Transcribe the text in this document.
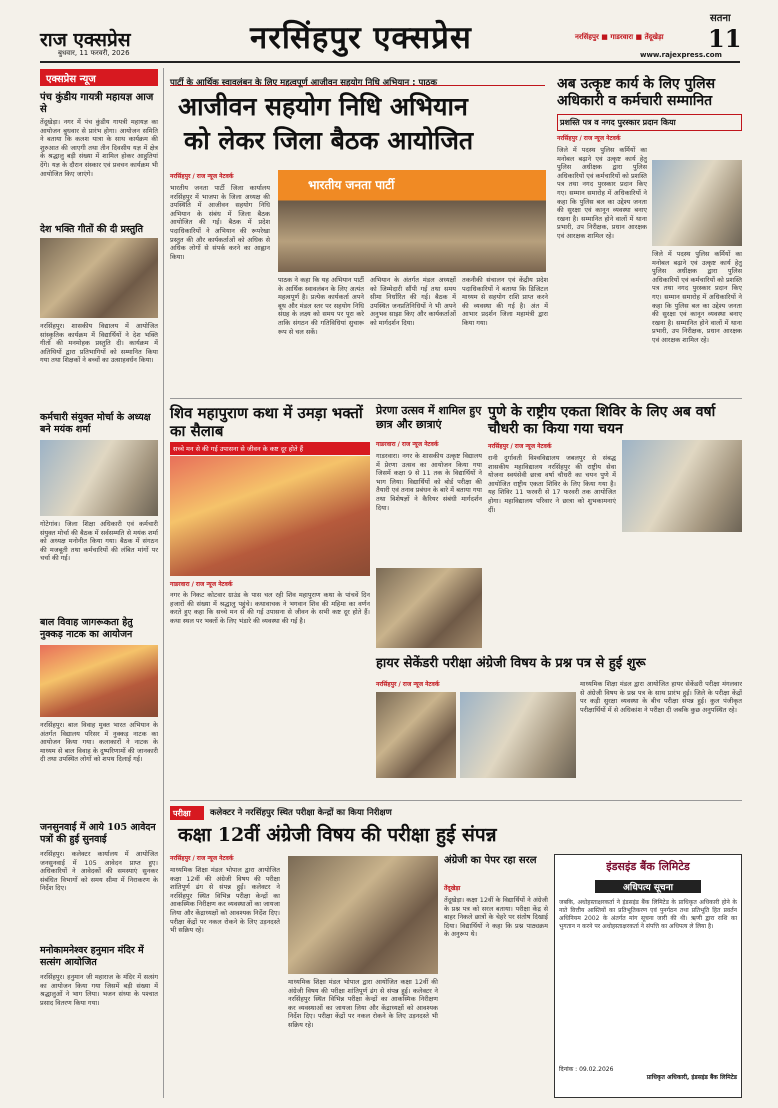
राज एक्सप्रेस
बुधवार, 11 फरवरी, 2026	नरसिंहपुर एक्सप्रेस
सतना
11
नरसिंहपुर ■ गाडरवारा ■ तेंदूखेड़ा
www.rajexpress.com
एक्सप्रेस न्यूज
पंच कुंडीय गायत्री महायज्ञ आज से
तेंदूखेड़ा। नगर में पंच कुंडीय गायत्री महायज्ञ का आयोजन बुधवार से प्रारंभ होगा। आयोजन समिति ने बताया कि कलश यात्रा के साथ कार्यक्रम की शुरुआत की जाएगी तथा तीन दिवसीय यज्ञ में क्षेत्र के श्रद्धालु बड़ी संख्या में शामिल होकर आहुतियां देंगे। यज्ञ के दौरान संस्कार एवं प्रवचन कार्यक्रम भी आयोजित किए जाएंगे।
देश भक्ति गीतों की दी प्रस्तुति
नरसिंहपुर। शासकीय विद्यालय में आयोजित सांस्कृतिक कार्यक्रम में विद्यार्थियों ने देश भक्ति गीतों की मनमोहक प्रस्तुति दी। कार्यक्रम में अतिथियों द्वारा प्रतिभागियों को सम्मानित किया गया तथा शिक्षकों ने बच्चों का उत्साहवर्धन किया।
कर्मचारी संयुक्त मोर्चा के अध्यक्ष बने मयंक शर्मा
गोटेगांव। जिला शिक्षा अधिकारी एवं कर्मचारी संयुक्त मोर्चा की बैठक में सर्वसम्मति से मयंक शर्मा को अध्यक्ष मनोनीत किया गया। बैठक में संगठन की मजबूती तथा कर्मचारियों की लंबित मांगों पर चर्चा की गई।
बाल विवाह जागरूकता हेतु नुक्कड़ नाटक का आयोजन
नरसिंहपुर। बाल विवाह मुक्त भारत अभियान के अंतर्गत विद्यालय परिसर में नुक्कड़ नाटक का आयोजन किया गया। कलाकारों ने नाटक के माध्यम से बाल विवाह के दुष्परिणामों की जानकारी दी तथा उपस्थित लोगों को शपथ दिलाई गई।
जनसुनवाई में आये 105 आवेदन पत्रों की हुई सुनवाई
नरसिंहपुर। कलेक्टर कार्यालय में आयोजित जनसुनवाई में 105 आवेदन प्राप्त हुए। अधिकारियों ने आवेदकों की समस्याएं सुनकर संबंधित विभागों को समय सीमा में निराकरण के निर्देश दिए।
मनोकामनेश्वर हनुमान मंदिर में सत्संग आयोजित
नरसिंहपुर। हनुमान जी महाराज के मंदिर में सत्संग का आयोजन किया गया जिसमें बड़ी संख्या में श्रद्धालुओं ने भाग लिया। भजन संध्या के पश्चात प्रसाद वितरण किया गया।
पार्टी के आर्थिक स्वावलंबन के लिए महत्वपूर्ण आजीवन सहयोग निधि अभियान : पाठक
आजीवन सहयोग निधि अभियान
को लेकर जिला बैठक आयोजित
नरसिंहपुर / राज न्यूज नेटवर्क
भारतीय जनता पार्टी जिला कार्यालय नरसिंहपुर में भाजपा के जिला अध्यक्ष की उपस्थिति में आजीवन सहयोग निधि अभियान के संबंध में जिला बैठक आयोजित की गई। बैठक में प्रदेश पदाधिकारियों ने अभियान की रूपरेखा प्रस्तुत की और कार्यकर्ताओं को अधिक से अधिक लोगों से संपर्क करने का आह्वान किया।
भारतीय जनता पार्टी
पाठक ने कहा कि यह अभियान पार्टी के आर्थिक स्वावलंबन के लिए अत्यंत महत्वपूर्ण है। प्रत्येक कार्यकर्ता अपने बूथ और मंडल स्तर पर सहयोग निधि संग्रह के लक्ष्य को समय पर पूरा करे ताकि संगठन की गतिविधियां सुचारू रूप से चल सकें।
अभियान के अंतर्गत मंडल अध्यक्षों को जिम्मेदारी सौंपी गई तथा समय सीमा निर्धारित की गई। बैठक में उपस्थित जनप्रतिनिधियों ने भी अपने अनुभव साझा किए और कार्यकर्ताओं को मार्गदर्शन दिया।
तकनीकी संचालन एवं केंद्रीय प्रदेश पदाधिकारियों ने बताया कि डिजिटल माध्यम से सहयोग राशि प्राप्त करने की व्यवस्था की गई है। अंत में आभार प्रदर्शन जिला महामंत्री द्वारा किया गया।
अब उत्कृष्ट कार्य के लिए पुलिस अधिकारी व कर्मचारी सम्मानित
प्रशस्ति पत्र व नगद पुरस्कार प्रदान किया
नरसिंहपुर / राज न्यूज नेटवर्क
जिले में पदस्थ पुलिस कर्मियों का मनोबल बढ़ाने एवं उत्कृष्ट कार्य हेतु पुलिस अधीक्षक द्वारा पुलिस अधिकारियों एवं कर्मचारियों को प्रशस्ति पत्र तथा नगद पुरस्कार प्रदान किए गए। सम्मान समारोह में अधिकारियों ने कहा कि पुलिस बल का उद्देश्य जनता की सुरक्षा एवं कानून व्यवस्था बनाए रखना है। सम्मानित होने वालों में थाना प्रभारी, उप निरीक्षक, प्रधान आरक्षक एवं आरक्षक शामिल रहे।
जिले में पदस्थ पुलिस कर्मियों का मनोबल बढ़ाने एवं उत्कृष्ट कार्य हेतु पुलिस अधीक्षक द्वारा पुलिस अधिकारियों एवं कर्मचारियों को प्रशस्ति पत्र तथा नगद पुरस्कार प्रदान किए गए। सम्मान समारोह में अधिकारियों ने कहा कि पुलिस बल का उद्देश्य जनता की सुरक्षा एवं कानून व्यवस्था बनाए रखना है। सम्मानित होने वालों में थाना प्रभारी, उप निरीक्षक, प्रधान आरक्षक एवं आरक्षक शामिल रहे।
शिव महापुराण कथा में उमड़ा भक्तों का सैलाब
सच्चे मन से की गई उपासना से जीवन के कष्ट दूर होते हैं
गाडरवारा / राज न्यूज नेटवर्क
नगर के निकट कोटवार ग्राउंड के पास चल रही शिव महापुराण कथा के पांचवें दिन हजारों की संख्या में श्रद्धालु पहुंचे। कथावाचक ने भगवान शिव की महिमा का वर्णन करते हुए कहा कि सच्चे मन से की गई उपासना से जीवन के सभी कष्ट दूर होते हैं। कथा स्थल पर भक्तों के लिए भंडारे की व्यवस्था की गई है।
प्रेरणा उत्सव में शामिल हुए छात्र और छात्राएं
गाडरवारा / राज न्यूज नेटवर्क
गाडरवारा। नगर के शासकीय उत्कृष्ट विद्यालय में प्रेरणा उत्सव का आयोजन किया गया जिसमें कक्षा 9 से 11 तक के विद्यार्थियों ने भाग लिया। विद्यार्थियों को बोर्ड परीक्षा की तैयारी एवं तनाव प्रबंधन के बारे में बताया गया तथा विशेषज्ञों ने कैरियर संबंधी मार्गदर्शन दिया।
पुणे के राष्ट्रीय एकता शिविर के लिए अब वर्षा चौधरी का किया गया चयन
नरसिंहपुर / राज न्यूज नेटवर्क
रानी दुर्गावती विश्वविद्यालय जबलपुर से संबद्ध शासकीय महाविद्यालय नरसिंहपुर की राष्ट्रीय सेवा योजना स्वयंसेवी छात्रा वर्षा चौधरी का चयन पुणे में आयोजित राष्ट्रीय एकता शिविर के लिए किया गया है। यह शिविर 11 फरवरी से 17 फरवरी तक आयोजित होगा। महाविद्यालय परिवार ने छात्रा को शुभकामनाएं दीं।
हायर सेकेंडरी परीक्षा अंग्रेजी विषय के प्रश्न पत्र से हुई शुरू
नरसिंहपुर / राज न्यूज नेटवर्क	माध्यमिक शिक्षा मंडल द्वारा आयोजित हायर सेकेंडरी परीक्षा मंगलवार से अंग्रेजी विषय के प्रश्न पत्र के साथ प्रारंभ हुई। जिले के परीक्षा केंद्रों पर कड़ी सुरक्षा व्यवस्था के बीच परीक्षा संपन्न हुई। कुल पंजीकृत परीक्षार्थियों में से अधिकांश ने परीक्षा दी जबकि कुछ अनुपस्थित रहे।
परीक्षा	कलेक्टर ने नरसिंहपुर स्थित परीक्षा केन्द्रों का किया निरीक्षण
कक्षा 12वीं अंग्रेजी विषय की परीक्षा हुई संपन्न
नरसिंहपुर / राज न्यूज नेटवर्क
माध्यमिक शिक्षा मंडल भोपाल द्वारा आयोजित कक्षा 12वीं की अंग्रेजी विषय की परीक्षा शांतिपूर्ण ढंग से संपन्न हुई। कलेक्टर ने नरसिंहपुर स्थित विभिन्न परीक्षा केन्द्रों का आकस्मिक निरीक्षण कर व्यवस्थाओं का जायजा लिया और केंद्राध्यक्षों को आवश्यक निर्देश दिए। परीक्षा केंद्रों पर नकल रोकने के लिए उड़नदस्ते भी सक्रिय रहे।
माध्यमिक शिक्षा मंडल भोपाल द्वारा आयोजित कक्षा 12वीं की अंग्रेजी विषय की परीक्षा शांतिपूर्ण ढंग से संपन्न हुई। कलेक्टर ने नरसिंहपुर स्थित विभिन्न परीक्षा केन्द्रों का आकस्मिक निरीक्षण कर व्यवस्थाओं का जायजा लिया और केंद्राध्यक्षों को आवश्यक निर्देश दिए। परीक्षा केंद्रों पर नकल रोकने के लिए उड़नदस्ते भी सक्रिय रहे।
अंग्रेजी का पेपर रहा सरल
तेंदूखेड़ा
तेंदूखेड़ा। कक्षा 12वीं के विद्यार्थियों ने अंग्रेजी के प्रश्न पत्र को सरल बताया। परीक्षा केंद्र से बाहर निकले छात्रों के चेहरे पर संतोष दिखाई दिया। विद्यार्थियों ने कहा कि प्रश्न पाठ्यक्रम के अनुरूप थे।
इंडसइंड बैंक लिमिटेड
अधिपत्य सूचना
जबकि, अधोहस्ताक्षरकर्ता ने इंडसइंड बैंक लिमिटेड के प्राधिकृत अधिकारी होने के नाते वित्तीय आस्तियों का प्रतिभूतिकरण एवं पुनर्गठन तथा प्रतिभूति हित प्रवर्तन अधिनियम 2002 के अंतर्गत मांग सूचना जारी की थी। ऋणी द्वारा राशि का भुगतान न करने पर अधोहस्ताक्षरकर्ता ने संपत्ति का अधिपत्य ले लिया है।
दिनांक : 09.02.2026
प्राधिकृत अधिकारी, इंडसइंड बैंक लिमिटेड
